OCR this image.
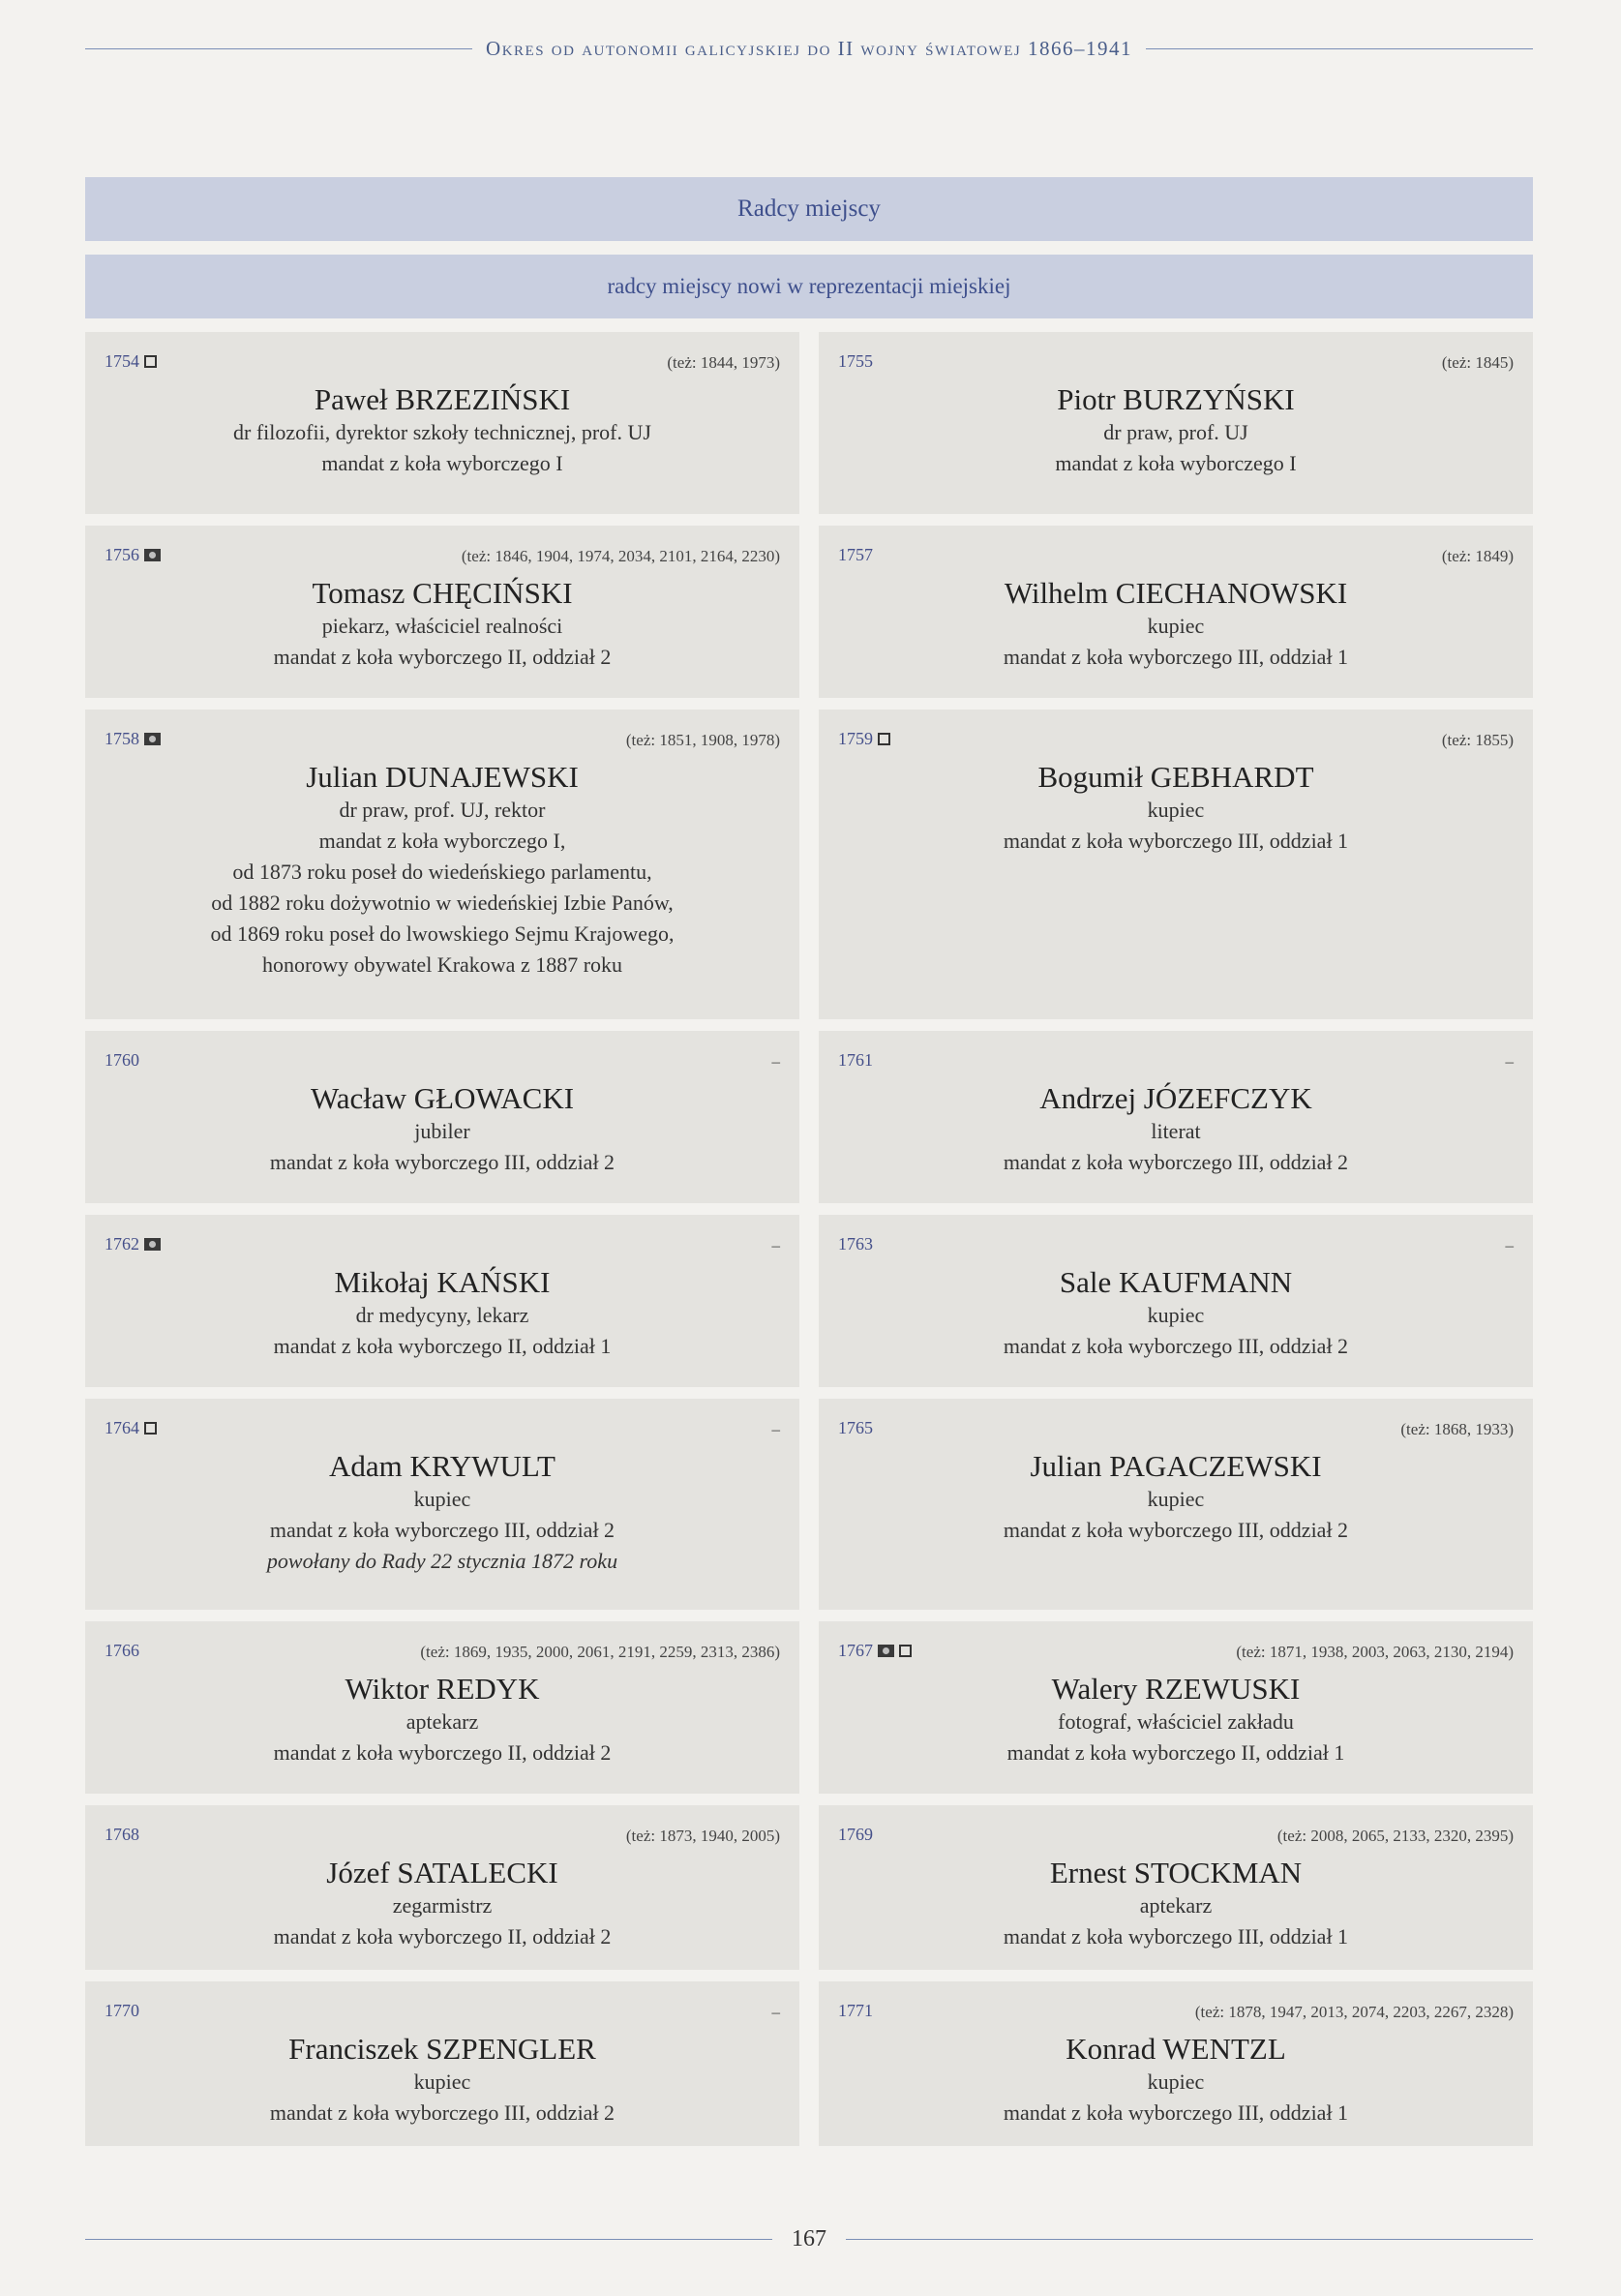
Okres od autonomii galicyjskiej do II wojny światowej 1866–1941
Radcy miejscy
radcy miejscy nowi w reprezentacji miejskiej
1754	(też: 1844, 1973)
Paweł BRZEZIŃSKI
dr filozofii, dyrektor szkoły technicznej, prof. UJ
mandat z koła wyborczego I
1755	(też: 1845)
Piotr BURZYŃSKI
dr praw, prof. UJ
mandat z koła wyborczego I
1756	(też: 1846, 1904, 1974, 2034, 2101, 2164, 2230)
Tomasz CHĘCIŃSKI
piekarz, właściciel realności
mandat z koła wyborczego II, oddział 2
1757	(też: 1849)
Wilhelm CIECHANOWSKI
kupiec
mandat z koła wyborczego III, oddział 1
1758	(też: 1851, 1908, 1978)
Julian DUNAJEWSKI
dr praw, prof. UJ, rektor
mandat z koła wyborczego I,
od 1873 roku poseł do wiedeńskiego parlamentu,
od 1882 roku dożywotnio w wiedeńskiej Izbie Panów,
od 1869 roku poseł do lwowskiego Sejmu Krajowego,
honorowy obywatel Krakowa z 1887 roku
1759	(też: 1855)
Bogumił GEBHARDT
kupiec
mandat z koła wyborczego III, oddział 1
1760	–
Wacław GŁOWACKI
jubiler
mandat z koła wyborczego III, oddział 2
1761	–
Andrzej JÓZEFCZYK
literat
mandat z koła wyborczego III, oddział 2
1762	–
Mikołaj KAŃSKI
dr medycyny, lekarz
mandat z koła wyborczego II, oddział 1
1763	–
Sale KAUFMANN
kupiec
mandat z koła wyborczego III, oddział 2
1764	–
Adam KRYWULT
kupiec
mandat z koła wyborczego III, oddział 2
powołany do Rady 22 stycznia 1872 roku
1765	(też: 1868, 1933)
Julian PAGACZEWSKI
kupiec
mandat z koła wyborczego III, oddział 2
1766	(też: 1869, 1935, 2000, 2061, 2191, 2259, 2313, 2386)
Wiktor REDYK
aptekarz
mandat z koła wyborczego II, oddział 2
1767	(też: 1871, 1938, 2003, 2063, 2130, 2194)
Walery RZEWUSKI
fotograf, właściciel zakładu
mandat z koła wyborczego II, oddział 1
1768	(też: 1873, 1940, 2005)
Józef SATALECKI
zegarmistrz
mandat z koła wyborczego II, oddział 2
1769	(też: 2008, 2065, 2133, 2320, 2395)
Ernest STOCKMAN
aptekarz
mandat z koła wyborczego III, oddział 1
1770	–
Franciszek SZPENGLER
kupiec
mandat z koła wyborczego III, oddział 2
1771	(też: 1878, 1947, 2013, 2074, 2203, 2267, 2328)
Konrad WENTZL
kupiec
mandat z koła wyborczego III, oddział 1
167
